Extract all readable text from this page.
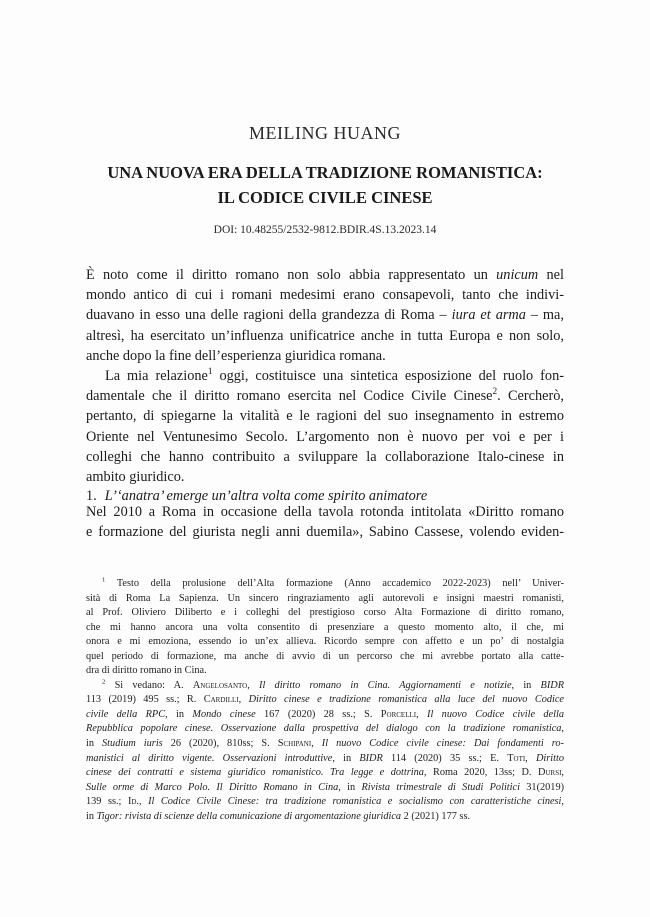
MEILING HUANG
UNA NUOVA ERA DELLA TRADIZIONE ROMANISTICA:
IL CODICE CIVILE CINESE
DOI: 10.48255/2532-9812.BDIR.4S.13.2023.14
È noto come il diritto romano non solo abbia rappresentato un unicum nel
mondo antico di cui i romani medesimi erano consapevoli, tanto che indivi-
duavano in esso una delle ragioni della grandezza di Roma – iura et arma – ma,
altresì, ha esercitato un’influenza unificatrice anche in tutta Europa e non solo,
anche dopo la fine dell’esperienza giuridica romana.
La mia relazione$^1$ oggi, costituisce una sintetica esposizione del ruolo fon-
damentale che il diritto romano esercita nel Codice Civile Cinese$^2$. Cercherò,
pertanto, di spiegarne la vitalità e le ragioni del suo insegnamento in estremo
Oriente nel Ventunesimo Secolo. L’argomento non è nuovo per voi e per i
colleghi che hanno contribuito a sviluppare la collaborazione Italo-cinese in
ambito giuridico.
1. L’‘anatra’ emerge un’altra volta come spirito animatore
Nel 2010 a Roma in occasione della tavola rotonda intitolata «Diritto romano
e formazione del giurista negli anni duemila», Sabino Cassese, volendo eviden-
$^1$ Testo della prolusione dell’Alta formazione (Anno accademico 2022-2023) nell’ Univer-
sità di Roma La Sapienza. Un sincero ringraziamento agli autorevoli e insigni maestri romanisti,
al Prof. Oliviero Diliberto e i colleghi del prestigioso corso Alta Formazione di diritto romano,
che mi hanno ancora una volta consentito di presenziare a questo momento alto, il che, mi
onora e mi emoziona, essendo io un’ex allieva. Ricordo sempre con affetto e un po’ di nostalgia
quel periodo di formazione, ma anche di avvio di un percorso che mi avrebbe portato alla catte-
dra di diritto romano in Cina.
$^2$ Si vedano: A. Angelosanto, Il diritto romano in Cina. Aggiornamenti e notizie, in BIDR
113 (2019) 495 ss.; R. Cardilli, Diritto cinese e tradizione romanistica alla luce del nuovo Codice
civile della RPC, in Mondo cinese 167 (2020) 28 ss.; S. Porcelli, Il nuovo Codice civile della
Repubblica popolare cinese. Osservazione dalla prospettiva del dialogo con la tradizione romanistica,
in Studium iuris 26 (2020), 810ss; S. Schipani, Il nuovo Codice civile cinese: Dai fondamenti ro-
manistici al diritto vigente. Osservazioni introduttive, in BIDR 114 (2020) 35 ss.; E. Toti, Diritto
cinese dei contratti e sistema giuridico romanistico. Tra legge e dottrina, Roma 2020, 13ss; D. Dursi,
Sulle orme di Marco Polo. Il Diritto Romano in Cina, in Rivista trimestrale di Studi Politici 31(2019)
139 ss.; Id., Il Codice Civile Cinese: tra tradizione romanistica e socialismo con caratteristiche cinesi,
in Tigor: rivista di scienze della comunicazione di argomentazione giuridica 2 (2021) 177 ss.
